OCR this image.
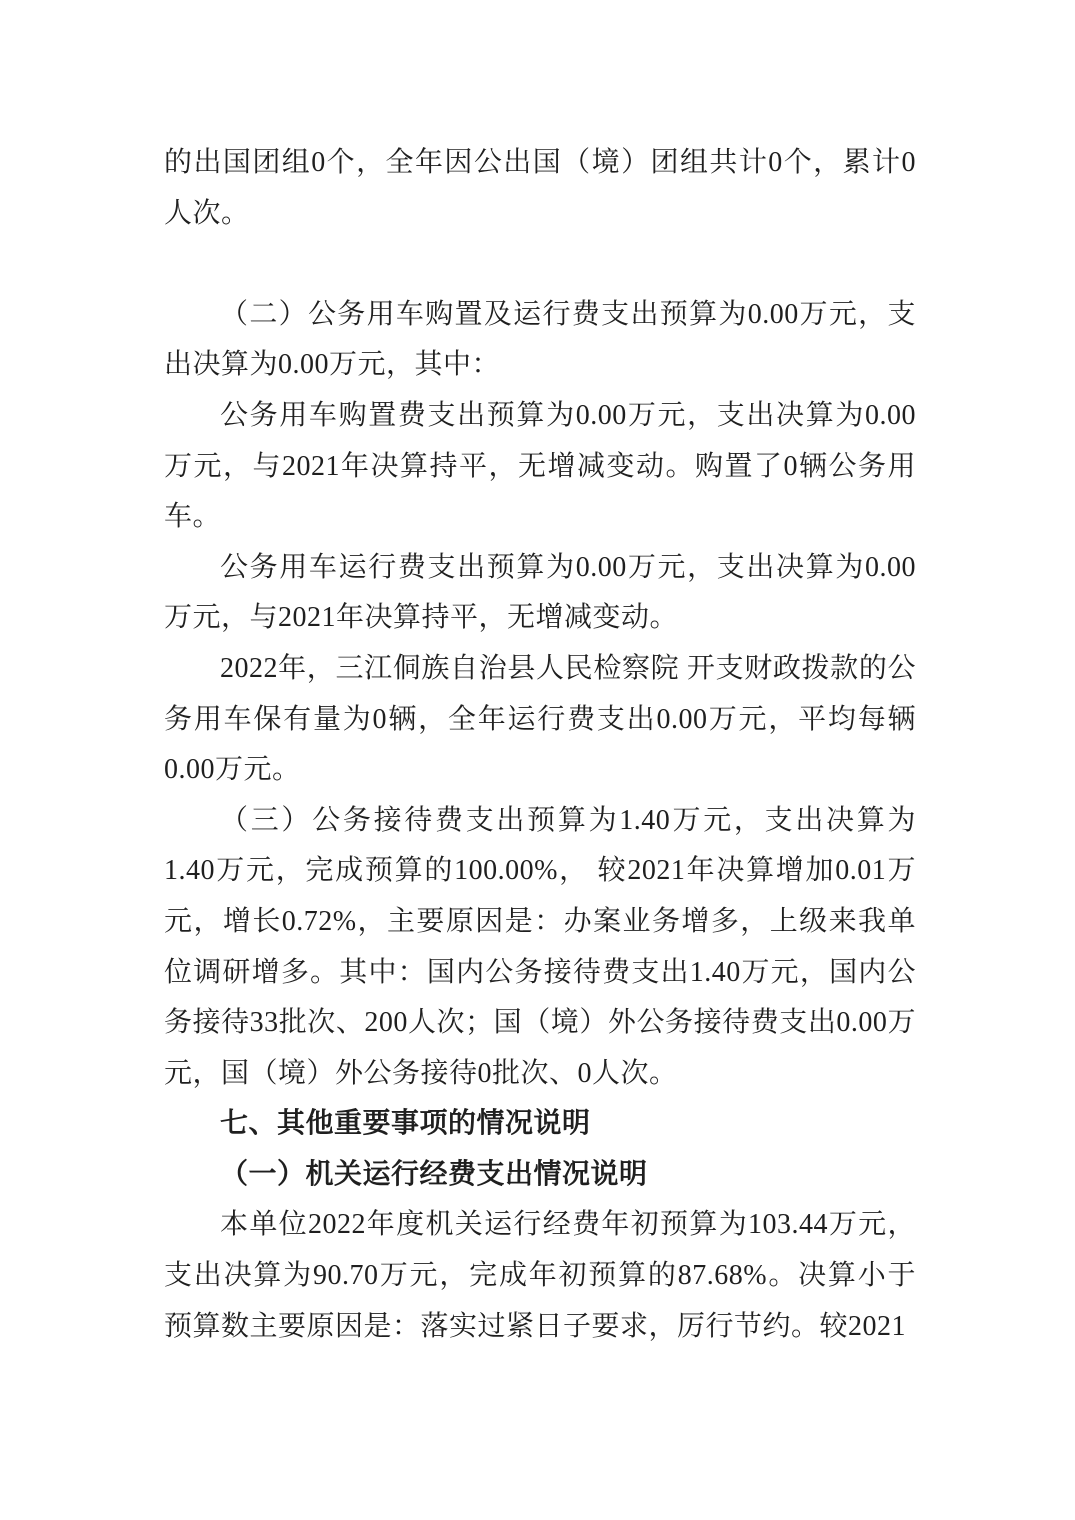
的出国团组0个，全年因公出国（境）团组共计0个，累计0人次。

（二）公务用车购置及运行费支出预算为0.00万元，支出决算为0.00万元，其中：

公务用车购置费支出预算为0.00万元，支出决算为0.00万元，与2021年决算持平，无增减变动。购置了0辆公务用车。

公务用车运行费支出预算为0.00万元，支出决算为0.00万元，与2021年决算持平，无增减变动。

2022年，三江侗族自治县人民检察院 开支财政拨款的公务用车保有量为0辆，全年运行费支出0.00万元，平均每辆0.00万元。

（三）公务接待费支出预算为1.40万元，支出决算为1.40万元，完成预算的100.00%， 较2021年决算增加0.01万元，增长0.72%，主要原因是：办案业务增多，上级来我单位调研增多。其中：国内公务接待费支出1.40万元，国内公务接待33批次、200人次；国（境）外公务接待费支出0.00万元，国（境）外公务接待0批次、0人次。

七、其他重要事项的情况说明

（一）机关运行经费支出情况说明

本单位2022年度机关运行经费年初预算为103.44万元，支出决算为90.70万元，完成年初预算的87.68%。决算小于预算数主要原因是：落实过紧日子要求，厉行节约。较2021
